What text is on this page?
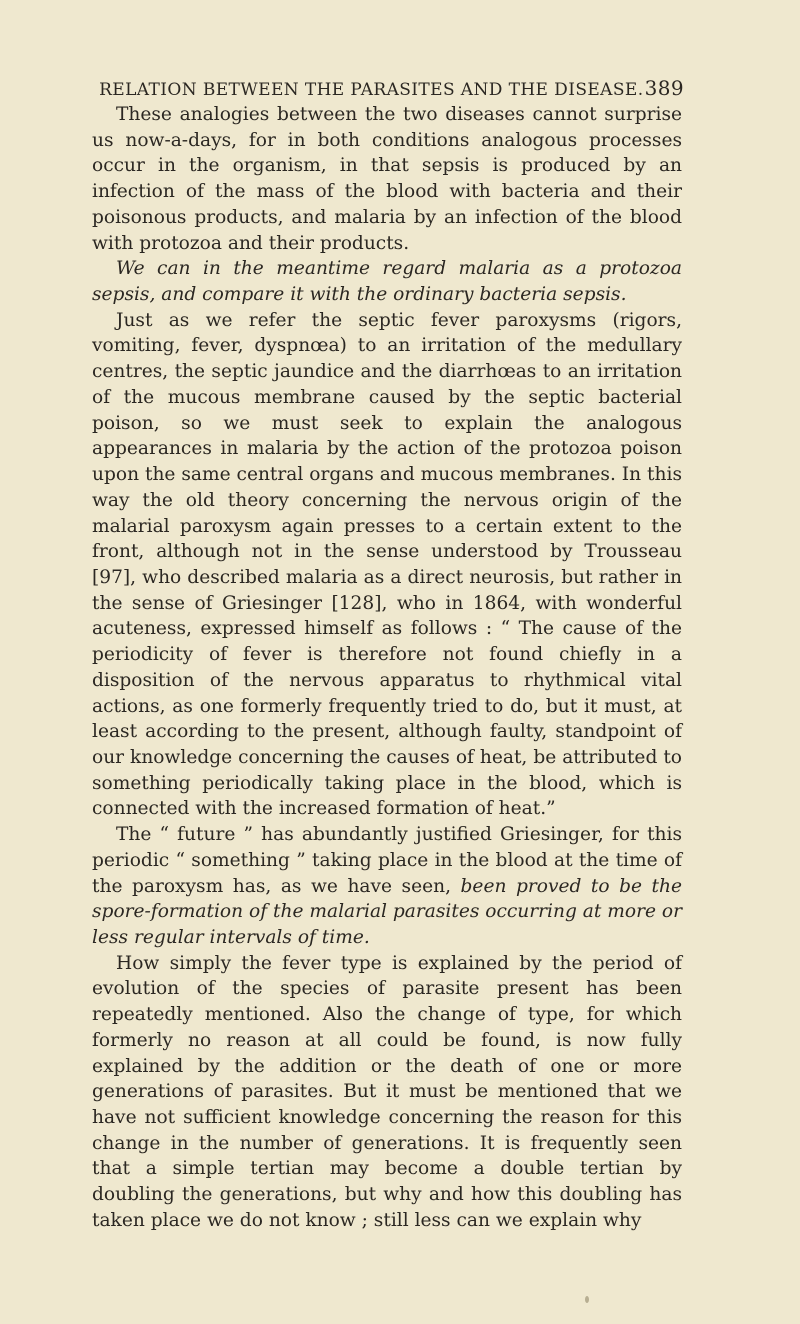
RELATION BETWEEN THE PARASITES AND THE DISEASE. 389

These analogies between the two diseases cannot surprise us now-a-days, for in both conditions analogous processes occur in the organism, in that sepsis is produced by an infection of the mass of the blood with bacteria and their poisonous products, and malaria by an infection of the blood with protozoa and their products.

We can in the meantime regard malaria as a protozoa sepsis, and compare it with the ordinary bacteria sepsis.

Just as we refer the septic fever paroxysms (rigors, vomiting, fever, dyspnœa) to an irritation of the medullary centres, the septic jaundice and the diarrhœas to an irritation of the mucous membrane caused by the septic bacterial poison, so we must seek to explain the analogous appearances in malaria by the action of the protozoa poison upon the same central organs and mucous membranes. In this way the old theory concerning the nervous origin of the malarial paroxysm again presses to a certain extent to the front, although not in the sense understood by Trousseau [97], who described malaria as a direct neurosis, but rather in the sense of Griesinger [128], who in 1864, with wonderful acuteness, expressed himself as follows : “ The cause of the periodicity of fever is therefore not found chiefly in a disposition of the nervous apparatus to rhythmical vital actions, as one formerly frequently tried to do, but it must, at least according to the present, although faulty, standpoint of our knowledge concerning the causes of heat, be attributed to something periodically taking place in the blood, which is connected with the increased formation of heat.”

The “ future ” has abundantly justified Griesinger, for this periodic “ something ” taking place in the blood at the time of the paroxysm has, as we have seen, been proved to be the spore-formation of the malarial parasites occurring at more or less regular intervals of time.

How simply the fever type is explained by the period of evolution of the species of parasite present has been repeatedly mentioned. Also the change of type, for which formerly no reason at all could be found, is now fully explained by the addition or the death of one or more generations of parasites. But it must be mentioned that we have not sufficient knowledge concerning the reason for this change in the number of generations. It is frequently seen that a simple tertian may become a double tertian by doubling the generations, but why and how this doubling has taken place we do not know ; still less can we explain why
